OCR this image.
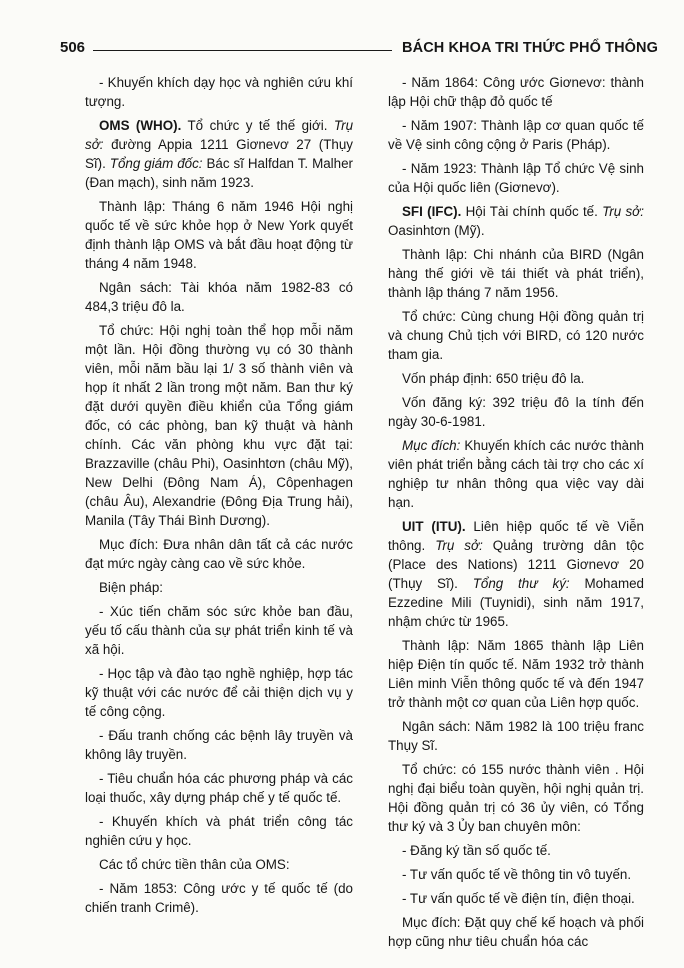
506	BÁCH KHOA TRI THỨC PHỔ THÔNG

- Khuyến khích dạy học và nghiên cứu khí tượng.

OMS (WHO). Tổ chức y tế thế giới. Trụ sở: đường Appia 1211 Giơnevơ 27 (Thụy Sĩ). Tổng giám đốc: Bác sĩ Halfdan T. Malher (Đan mạch), sinh năm 1923.

Thành lập: Tháng 6 năm 1946 Hội nghị quốc tế về sức khỏe họp ở New York quyết định thành lập OMS và bắt đầu hoạt động từ tháng 4 năm 1948.

Ngân sách: Tài khóa năm 1982-83 có 484,3 triệu đô la.

Tổ chức: Hội nghị toàn thể họp mỗi năm một lần. Hội đồng thường vụ có 30 thành viên, mỗi năm bầu lại 1/ 3 số thành viên và họp ít nhất 2 lần trong một năm. Ban thư ký đặt dưới quyền điều khiển của Tổng giám đốc, có các phòng, ban kỹ thuật và hành chính. Các văn phòng khu vực đặt tại: Brazzaville (châu Phi), Oasinhtơn (châu Mỹ), New Delhi (Đông Nam Á), Côpenhagen (châu Âu), Alexandrie (Đông Địa Trung hải), Manila (Tây Thái Bình Dương).

Mục đích: Đưa nhân dân tất cả các nước đạt mức ngày càng cao về sức khỏe.

Biện pháp:

- Xúc tiến chăm sóc sức khỏe ban đầu, yếu tố cấu thành của sự phát triển kinh tế và xã hội.

- Học tập và đào tạo nghề nghiệp, hợp tác kỹ thuật với các nước để cải thiện dịch vụ y tế công cộng.

- Đấu tranh chống các bệnh lây truyền và không lây truyền.

- Tiêu chuẩn hóa các phương pháp và các loại thuốc, xây dựng pháp chế y tế quốc tế.

- Khuyến khích và phát triển công tác nghiên cứu y học.

Các tổ chức tiền thân của OMS:

- Năm 1853: Công ước y tế quốc tế (do chiến tranh Crimê).

- Năm 1864: Công ước Giơnevơ: thành lập Hội chữ thập đỏ quốc tế

- Năm 1907: Thành lập cơ quan quốc tế về Vệ sinh công cộng ở Paris (Pháp).

- Năm 1923: Thành lập Tổ chức Vệ sinh của Hội quốc liên (Giơnevơ).

SFI (IFC). Hội Tài chính quốc tế. Trụ sở: Oasinhtơn (Mỹ).

Thành lập: Chi nhánh của BIRD (Ngân hàng thế giới về tái thiết và phát triển), thành lập tháng 7 năm 1956.

Tổ chức: Cùng chung Hội đồng quản trị và chung Chủ tịch với BIRD, có 120 nước tham gia.

Vốn pháp định: 650 triệu đô la.

Vốn đăng ký: 392 triệu đô la tính đến ngày 30-6-1981.

Mục đích: Khuyến khích các nước thành viên phát triển bằng cách tài trợ cho các xí nghiệp tư nhân thông qua việc vay dài hạn.

UIT (ITU). Liên hiệp quốc tế về Viễn thông. Trụ sở: Quảng trường dân tộc (Place des Nations) 1211 Giơnevơ 20 (Thụy Sĩ). Tổng thư ký: Mohamed Ezzedine Mili (Tuynidi), sinh năm 1917, nhậm chức từ 1965.

Thành lập: Năm 1865 thành lập Liên hiệp Điện tín quốc tế. Năm 1932 trở thành Liên minh Viễn thông quốc tế và đến 1947 trở thành một cơ quan của Liên hợp quốc.

Ngân sách: Năm 1982 là 100 triệu franc Thụy Sĩ.

Tổ chức: có 155 nước thành viên . Hội nghị đại biểu toàn quyền, hội nghị quản trị. Hội đồng quản trị có 36 ủy viên, có Tổng thư ký và 3 Ủy ban chuyên môn:

- Đăng ký tần số quốc tế.

- Tư vấn quốc tế về thông tin vô tuyến.

- Tư vấn quốc tế về điện tín, điện thoại.

Mục đích: Đặt quy chế kế hoạch và phối hợp cũng như tiêu chuẩn hóa các
